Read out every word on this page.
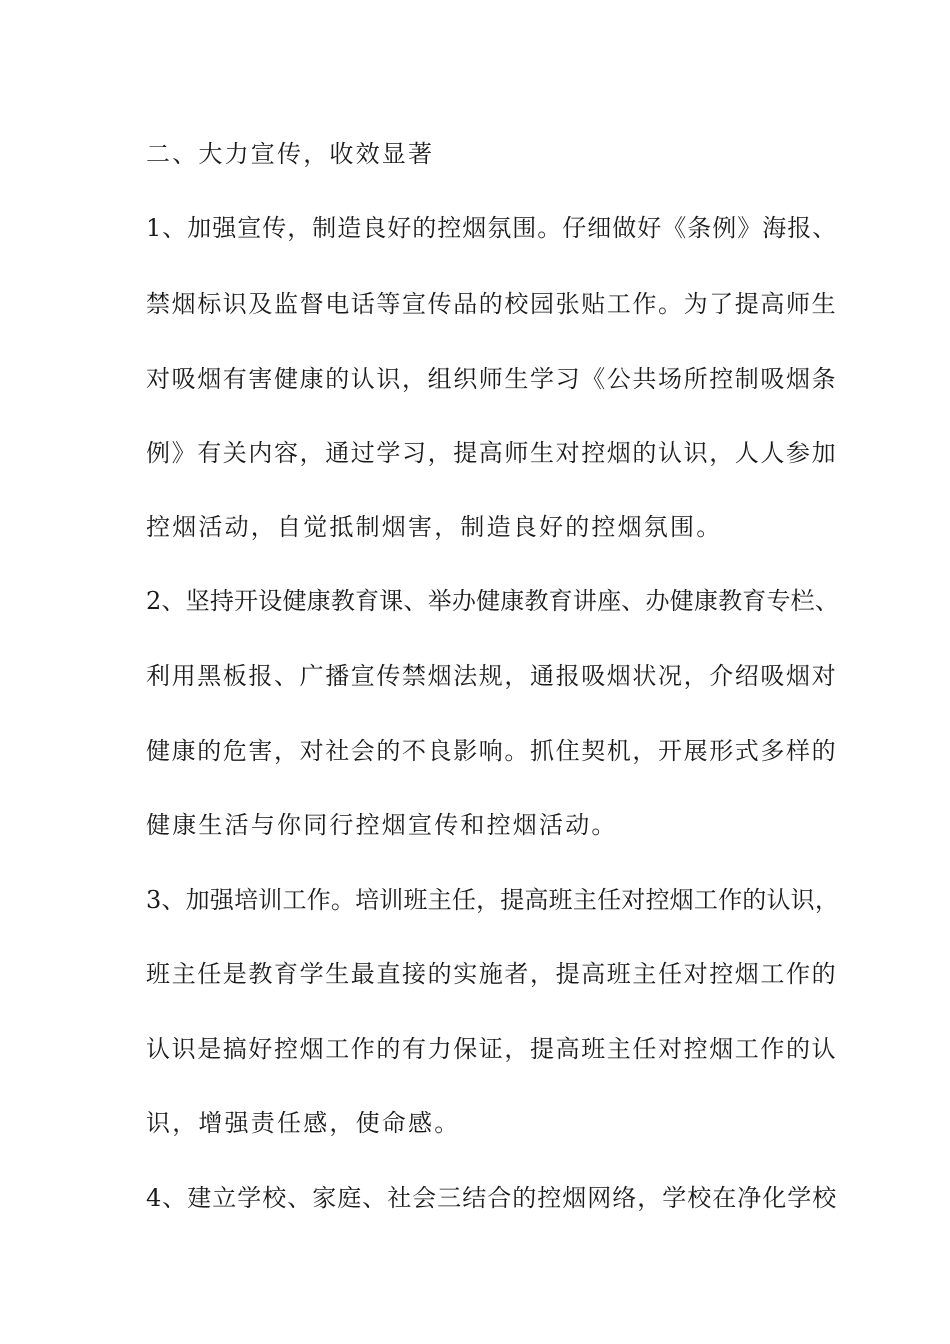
二、大力宣传，收效显著
1、加强宣传，制造良好的控烟氛围。仔细做好《条例》海报、
禁烟标识及监督电话等宣传品的校园张贴工作。为了提高师生
对吸烟有害健康的认识，组织师生学习《公共场所控制吸烟条
例》有关内容，通过学习，提高师生对控烟的认识，人人参加
控烟活动，自觉抵制烟害，制造良好的控烟氛围。
2、坚持开设健康教育课、举办健康教育讲座、办健康教育专栏、
利用黑板报、广播宣传禁烟法规，通报吸烟状况，介绍吸烟对
健康的危害，对社会的不良影响。抓住契机，开展形式多样的
健康生活与你同行控烟宣传和控烟活动。
3、加强培训工作。培训班主任，提高班主任对控烟工作的认识，
班主任是教育学生最直接的实施者，提高班主任对控烟工作的
认识是搞好控烟工作的有力保证，提高班主任对控烟工作的认
识，增强责任感，使命感。
4、建立学校、家庭、社会三结合的控烟网络，学校在净化学校
